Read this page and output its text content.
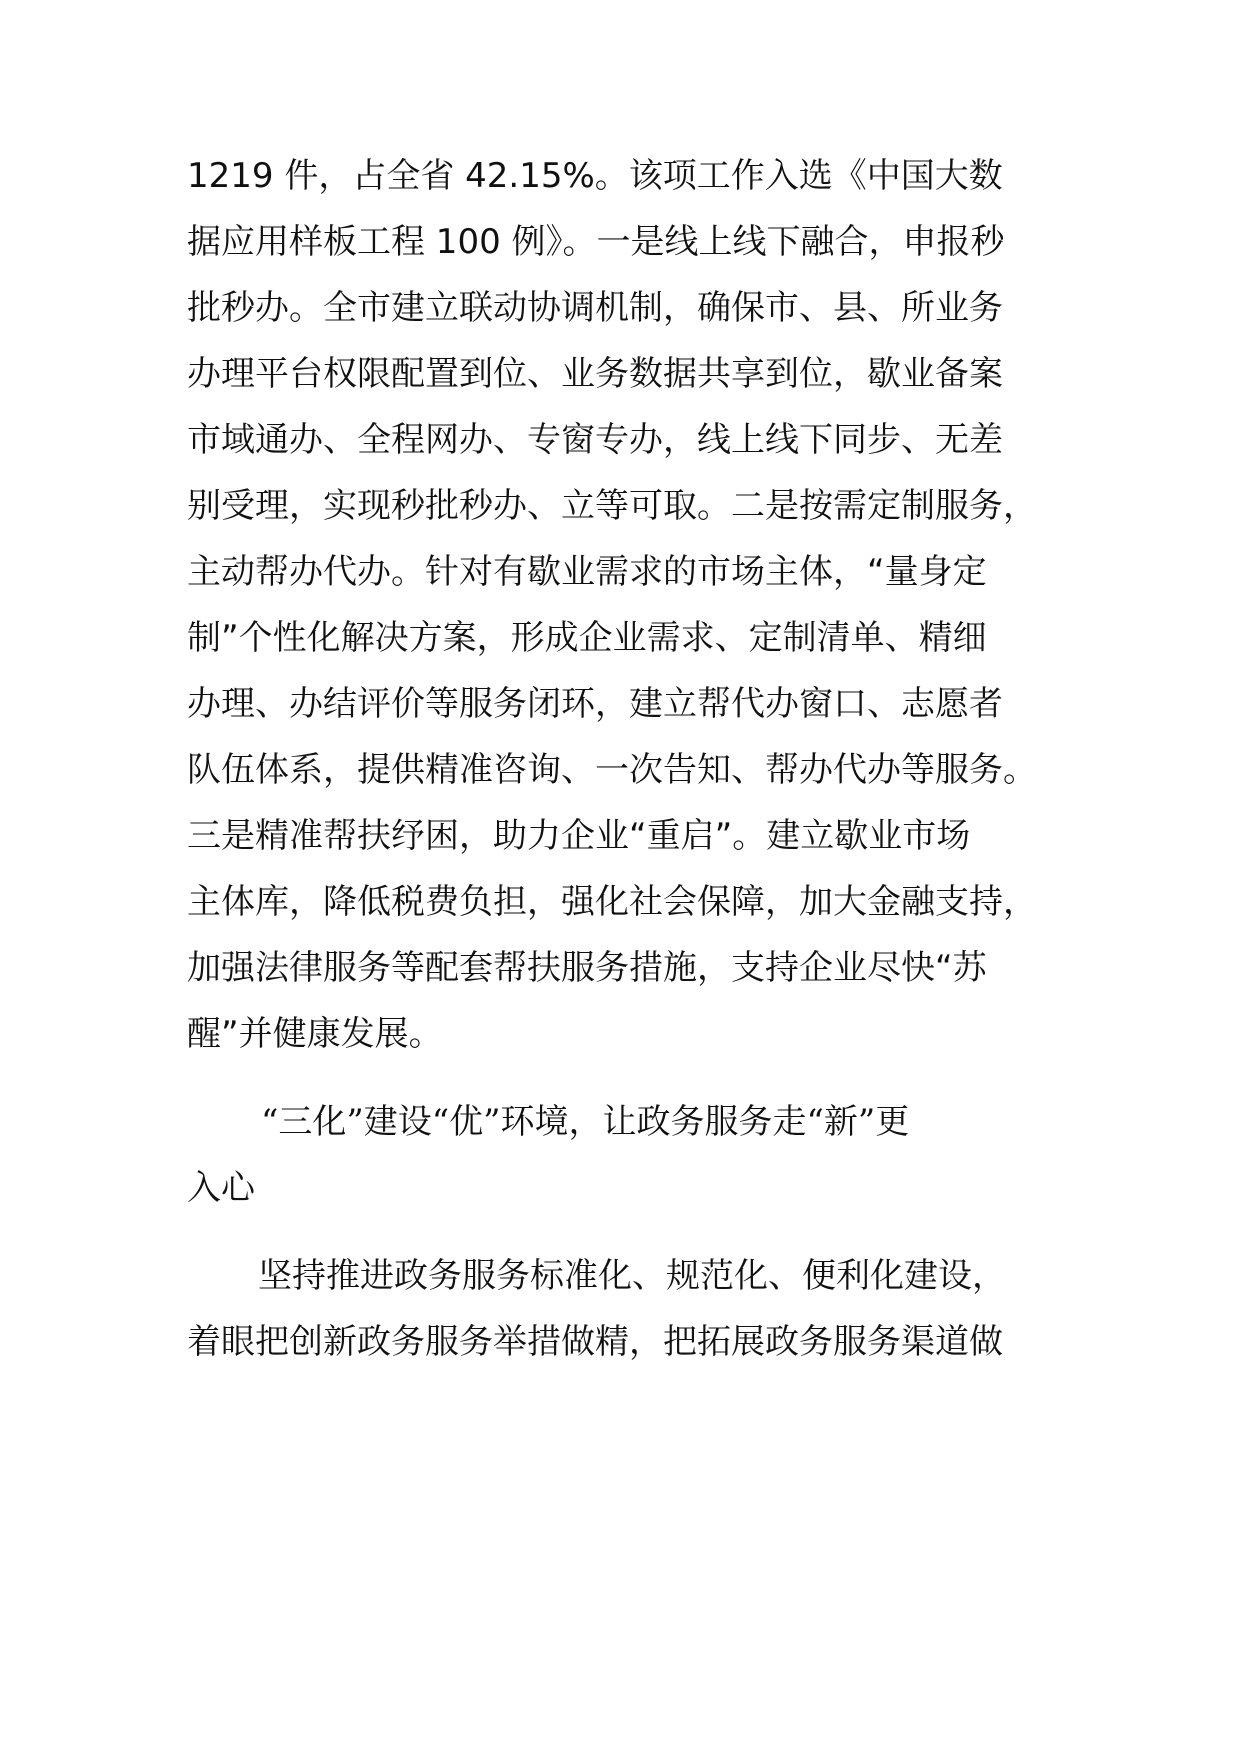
1219 件，占全省 42.15%。该项工作入选《中国大数
据应用样板工程 100 例》。一是线上线下融合，申报秒
批秒办。全市建立联动协调机制，确保市、县、所业务
办理平台权限配置到位、业务数据共享到位，歇业备案
市域通办、全程网办、专窗专办，线上线下同步、无差
别受理，实现秒批秒办、立等可取。二是按需定制服务，
主动帮办代办。针对有歇业需求的市场主体，“量身定
制”个性化解决方案，形成企业需求、定制清单、精细
办理、办结评价等服务闭环，建立帮代办窗口、志愿者
队伍体系，提供精准咨询、一次告知、帮办代办等服务。
三是精准帮扶纾困，助力企业“重启”。建立歇业市场
主体库，降低税费负担，强化社会保障，加大金融支持，
加强法律服务等配套帮扶服务措施，支持企业尽快“苏
醒”并健康发展。
“三化”建设“优”环境，让政务服务走“新”更
入心
坚持推进政务服务标准化、规范化、便利化建设，
着眼把创新政务服务举措做精，把拓展政务服务渠道做
